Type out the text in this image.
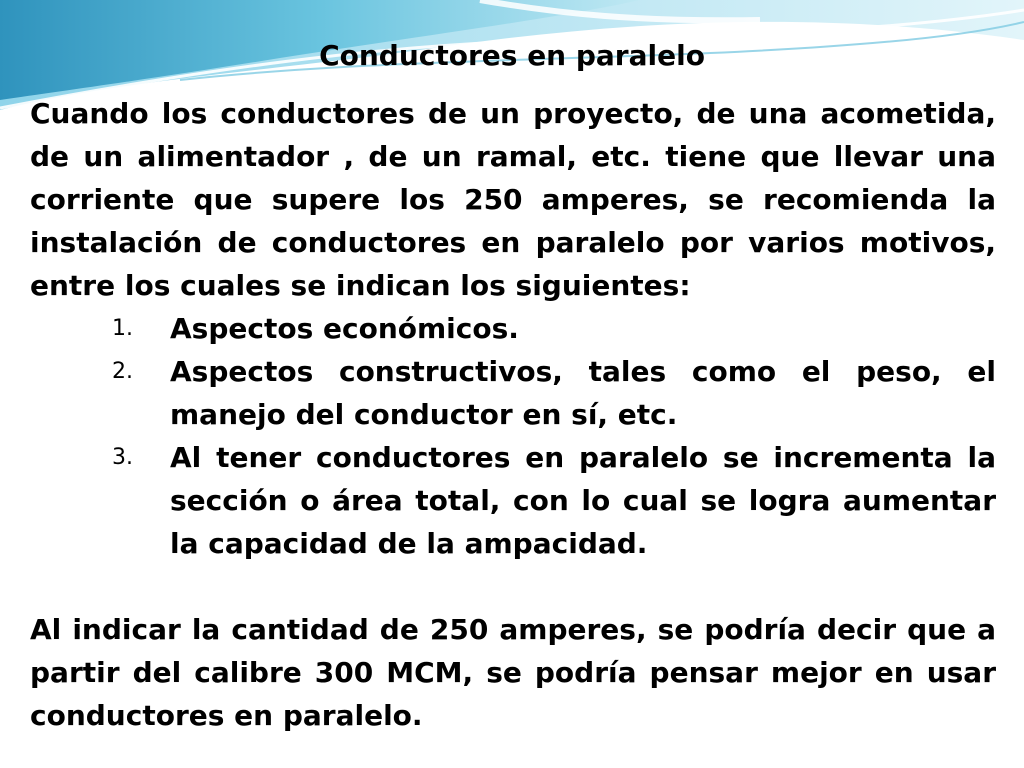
Conductores en paralelo

Cuando los conductores de un proyecto, de una acometida, de un alimentador , de un ramal, etc. tiene que llevar una corriente que supere los 250 amperes, se recomienda la instalación de conductores en paralelo por varios motivos, entre los cuales se indican los siguientes:

1.	Aspectos económicos.
2.	Aspectos constructivos, tales como el peso, el manejo del conductor en sí, etc.
3.	Al tener conductores en paralelo se incrementa la sección o área total, con lo cual se logra aumentar la capacidad de la ampacidad.

Al indicar la cantidad de 250 amperes, se podría decir que a partir del calibre 300 MCM, se podría pensar mejor en usar conductores en paralelo.
